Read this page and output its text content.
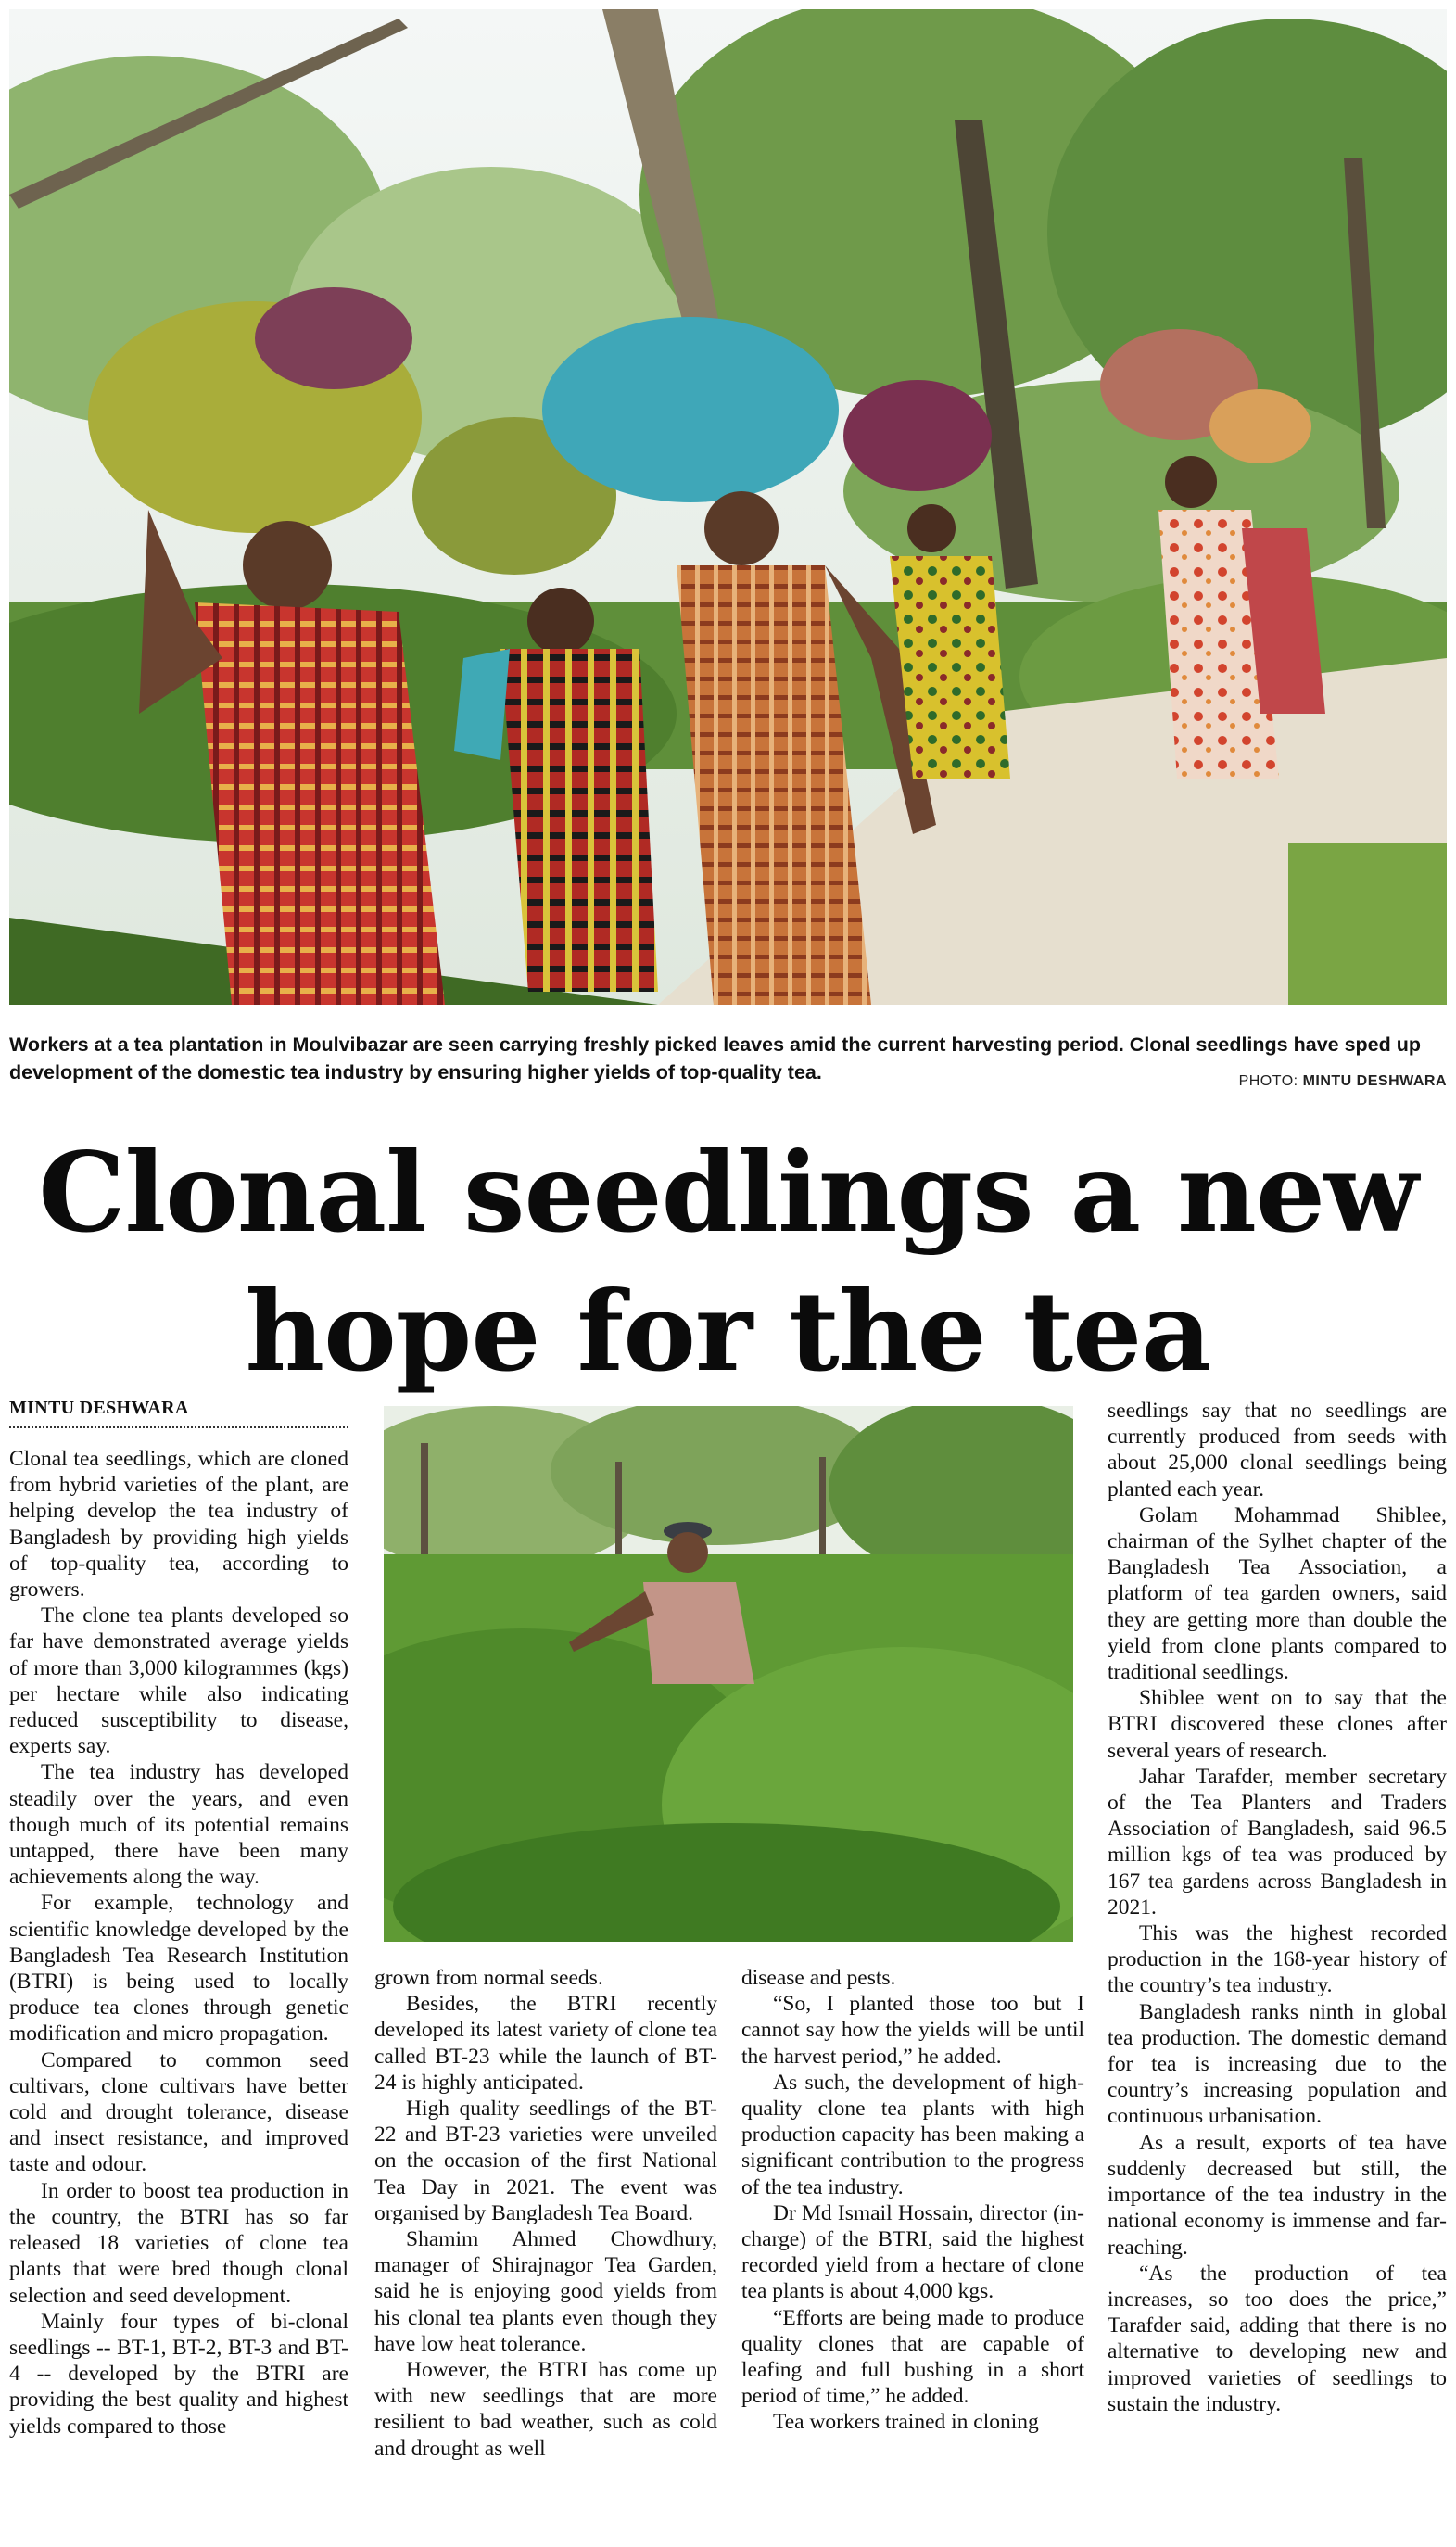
Workers at a tea plantation in Moulvibazar are seen carrying freshly picked leaves amid the current harvesting period. Clonal seedlings have sped up development of the domestic tea industry by ensuring higher yields of top-quality tea.	PHOTO: MINTU DESHWARA
Clonal seedlings a new
hope for the tea
MINTU DESHWARA

Clonal tea seedlings, which are cloned from hybrid varieties of the plant, are helping develop the tea industry of Bangladesh by providing high yields of top-quality tea, according to growers.

The clone tea plants developed so far have demonstrated average yields of more than 3,000 kilogrammes (kgs) per hectare while also indicating reduced susceptibility to disease, experts say.

The tea industry has developed steadily over the years, and even though much of its potential remains untapped, there have been many achievements along the way.

For example, technology and scientific knowledge developed by the Bangladesh Tea Research Institution (BTRI) is being used to locally produce tea clones through genetic modification and micro propagation.

Compared to common seed cultivars, clone cultivars have better cold and drought tolerance, disease and insect resistance, and improved taste and odour.

In order to boost tea production in the country, the BTRI has so far released 18 varieties of clone tea plants that were bred though clonal selection and seed development.

Mainly four types of bi-clonal seedlings -- BT-1, BT-2, BT-3 and BT-4 -- developed by the BTRI are providing the best quality and highest yields compared to those

grown from normal seeds.

Besides, the BTRI recently developed its latest variety of clone tea called BT-23 while the launch of BT-24 is highly anticipated.

High quality seedlings of the BT-22 and BT-23 varieties were unveiled on the occasion of the first National Tea Day in 2021. The event was organised by Bangladesh Tea Board.

Shamim Ahmed Chowdhury, manager of Shirajnagor Tea Garden, said he is enjoying good yields from his clonal tea plants even though they have low heat tolerance.

However, the BTRI has come up with new seedlings that are more resilient to bad weather, such as cold and drought as well

disease and pests.

“So, I planted those too but I cannot say how the yields will be until the harvest period,” he added.

As such, the development of high-quality clone tea plants with high production capacity has been making a significant contribution to the progress of the tea industry.

Dr Md Ismail Hossain, director (in-charge) of the BTRI, said the highest recorded yield from a hectare of clone tea plants is about 4,000 kgs.

“Efforts are being made to produce quality clones that are capable of leafing and full bushing in a short period of time,” he added.

Tea workers trained in cloning

seedlings say that no seedlings are currently produced from seeds with about 25,000 clonal seedlings being planted each year.

Golam Mohammad Shiblee, chairman of the Sylhet chapter of the Bangladesh Tea Association, a platform of tea garden owners, said they are getting more than double the yield from clone plants compared to traditional seedlings.

Shiblee went on to say that the BTRI discovered these clones after several years of research.

Jahar Tarafder, member secretary of the Tea Planters and Traders Association of Bangladesh, said 96.5 million kgs of tea was produced by 167 tea gardens across Bangladesh in 2021.

This was the highest recorded production in the 168-year history of the country’s tea industry.

Bangladesh ranks ninth in global tea production. The domestic demand for tea is increasing due to the country’s increasing population and continuous urbanisation.

As a result, exports of tea have suddenly decreased but still, the importance of the tea industry in the national economy is immense and far-reaching.

“As the production of tea increases, so too does the price,” Tarafder said, adding that there is no alternative to developing new and improved varieties of seedlings to sustain the industry.
